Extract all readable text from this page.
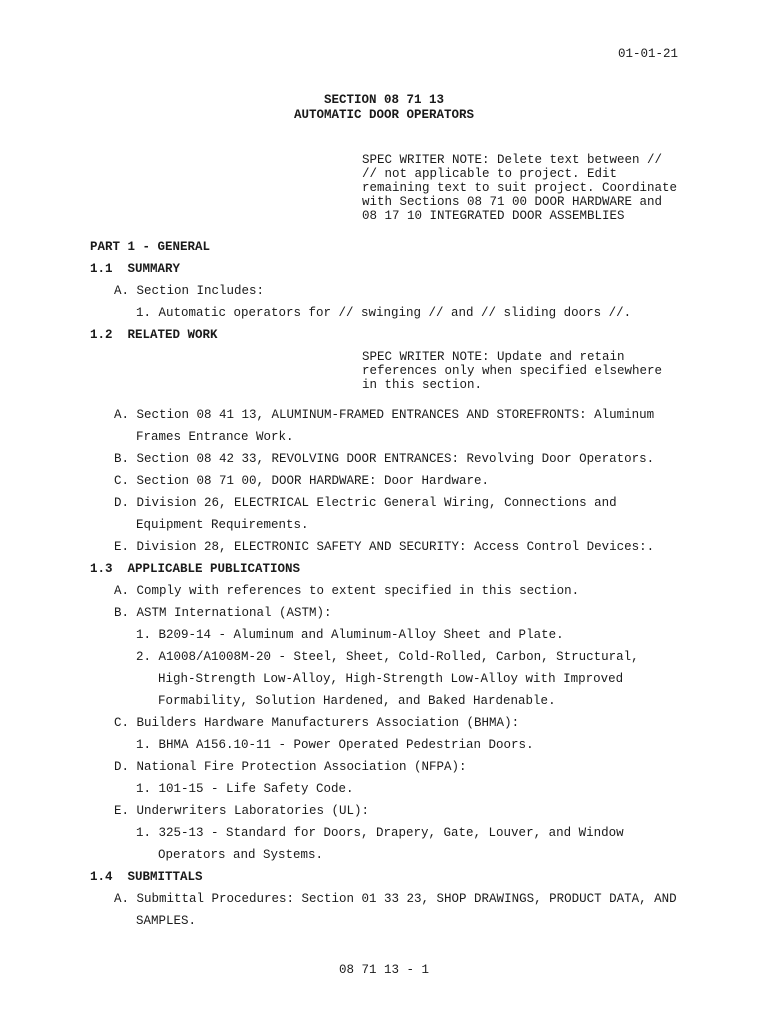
01-01-21
SECTION 08 71 13
AUTOMATIC DOOR OPERATORS
SPEC WRITER NOTE: Delete text between //
// not applicable to project. Edit
remaining text to suit project. Coordinate
with Sections 08 71 00 DOOR HARDWARE and
08 17 10 INTEGRATED DOOR ASSEMBLIES
PART 1 - GENERAL
1.1  SUMMARY
A. Section Includes:
1. Automatic operators for // swinging // and // sliding doors //.
1.2  RELATED WORK
SPEC WRITER NOTE: Update and retain
references only when specified elsewhere
in this section.
A. Section 08 41 13, ALUMINUM-FRAMED ENTRANCES AND STOREFRONTS: Aluminum
Frames Entrance Work.
B. Section 08 42 33, REVOLVING DOOR ENTRANCES: Revolving Door Operators.
C. Section 08 71 00, DOOR HARDWARE: Door Hardware.
D. Division 26, ELECTRICAL Electric General Wiring, Connections and
Equipment Requirements.
E. Division 28, ELECTRONIC SAFETY AND SECURITY: Access Control Devices:.
1.3  APPLICABLE PUBLICATIONS
A. Comply with references to extent specified in this section.
B. ASTM International (ASTM):
1. B209-14 - Aluminum and Aluminum-Alloy Sheet and Plate.
2. A1008/A1008M-20 - Steel, Sheet, Cold-Rolled, Carbon, Structural,
High-Strength Low-Alloy, High-Strength Low-Alloy with Improved
Formability, Solution Hardened, and Baked Hardenable.
C. Builders Hardware Manufacturers Association (BHMA):
1. BHMA A156.10-11 - Power Operated Pedestrian Doors.
D. National Fire Protection Association (NFPA):
1. 101-15 - Life Safety Code.
E. Underwriters Laboratories (UL):
1. 325-13 - Standard for Doors, Drapery, Gate, Louver, and Window
Operators and Systems.
1.4  SUBMITTALS
A. Submittal Procedures: Section 01 33 23, SHOP DRAWINGS, PRODUCT DATA, AND
SAMPLES.
08 71 13 - 1
